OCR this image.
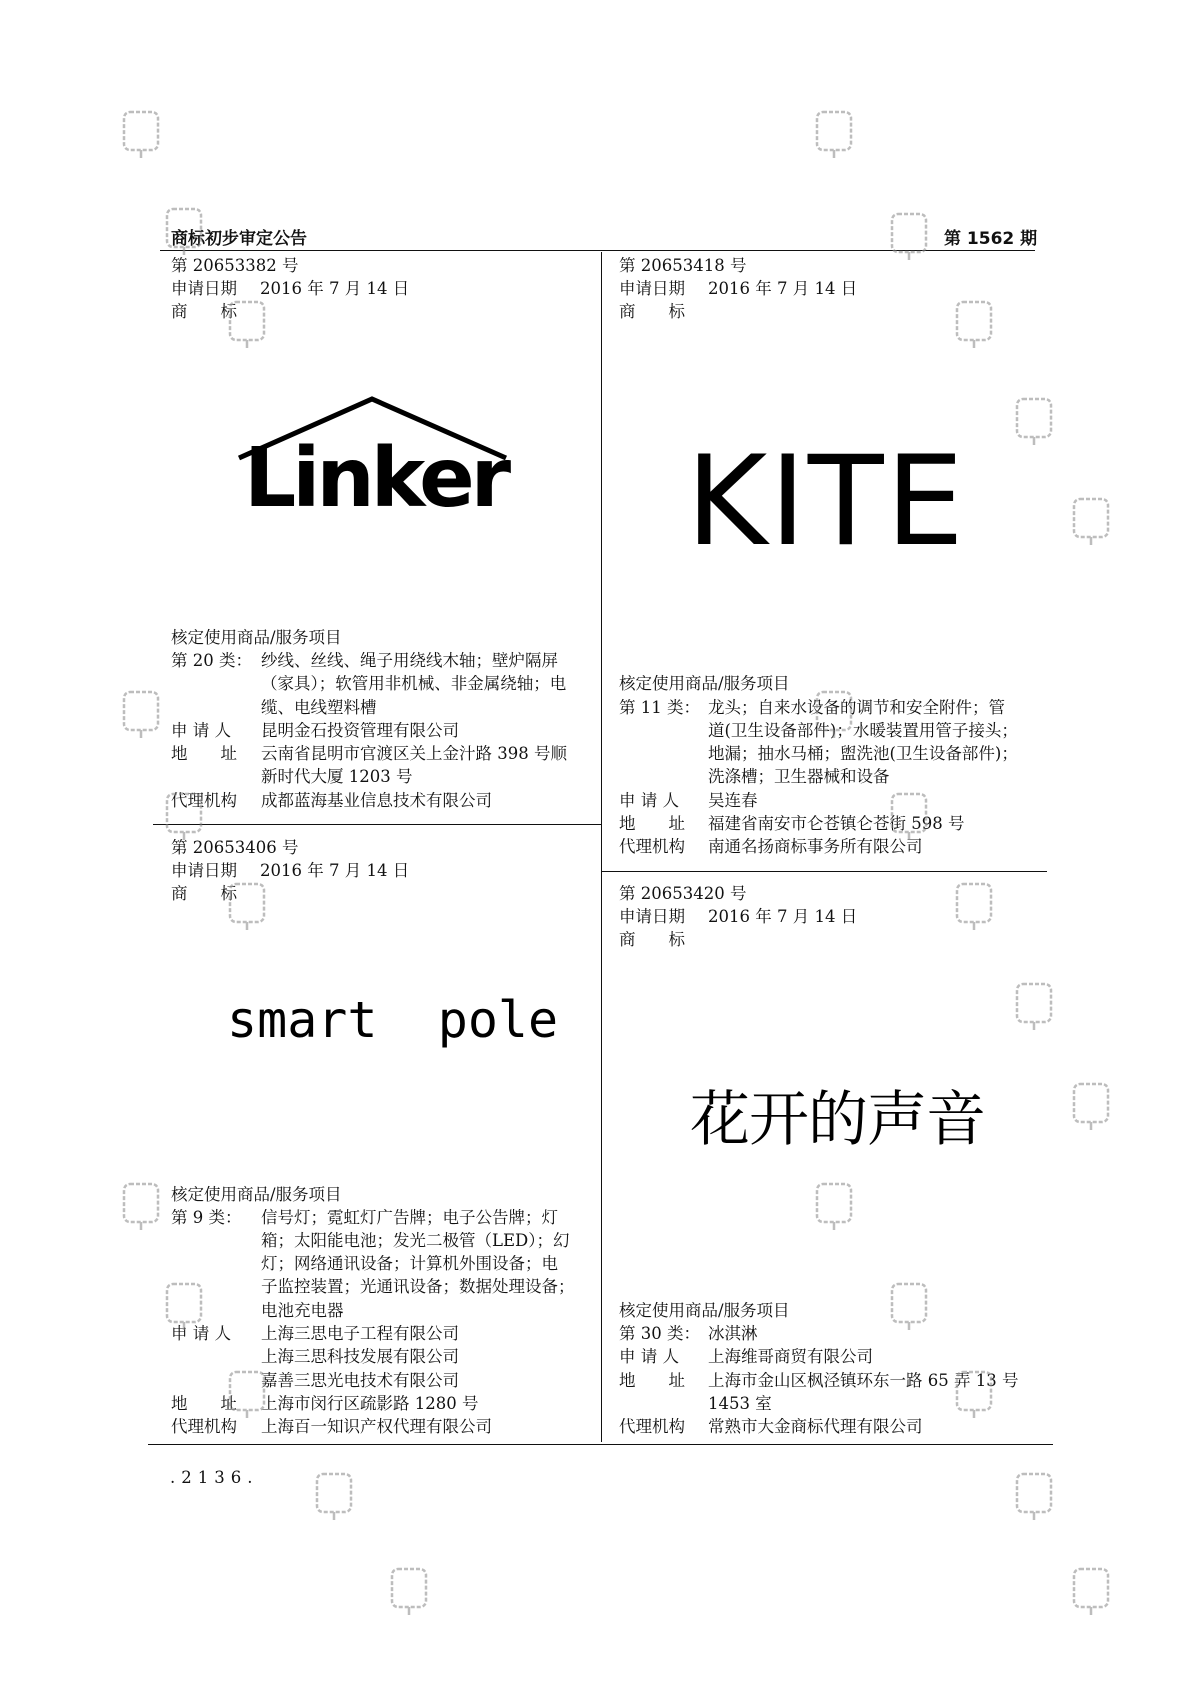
商标初步审定公告	第 1562 期
第 20653382 号
申请日期 2016 年 7 月 14 日
商　　标
Linker
核定使用商品/服务项目
第 20 类： 纱线、丝线、绳子用绕线木轴；壁炉隔屏
（家具）；软管用非机械、非金属绕轴；电
缆、电线塑料槽
申 请 人 昆明金石投资管理有限公司
地　　址 云南省昆明市官渡区关上金汁路 398 号顺
新时代大厦 1203 号
代理机构 成都蓝海基业信息技术有限公司
第 20653418 号
申请日期 2016 年 7 月 14 日
商　　标
KITE
核定使用商品/服务项目
第 11 类： 龙头；自来水设备的调节和安全附件；管
道(卫生设备部件)；水暖装置用管子接头；
地漏；抽水马桶；盥洗池(卫生设备部件)；
洗涤槽；卫生器械和设备
申 请 人 吴连春
地　　址 福建省南安市仑苍镇仑苍街 598 号
代理机构 南通名扬商标事务所有限公司
第 20653406 号
申请日期 2016 年 7 月 14 日
商　　标
smart  pole
核定使用商品/服务项目
第 9 类： 信号灯；霓虹灯广告牌；电子公告牌；灯
箱；太阳能电池；发光二极管（LED）；幻
灯；网络通讯设备；计算机外围设备；电
子监控装置；光通讯设备；数据处理设备；
电池充电器
申 请 人 上海三思电子工程有限公司
上海三思科技发展有限公司
嘉善三思光电技术有限公司
地　　址 上海市闵行区疏影路 1280 号
代理机构 上海百一知识产权代理有限公司
第 20653420 号
申请日期 2016 年 7 月 14 日
商　　标
花开的声音
核定使用商品/服务项目
第 30 类： 冰淇淋
申 请 人 上海维哥商贸有限公司
地　　址 上海市金山区枫泾镇环东一路 65 弄 13 号
1453 室
代理机构 常熟市大金商标代理有限公司
.2136.
